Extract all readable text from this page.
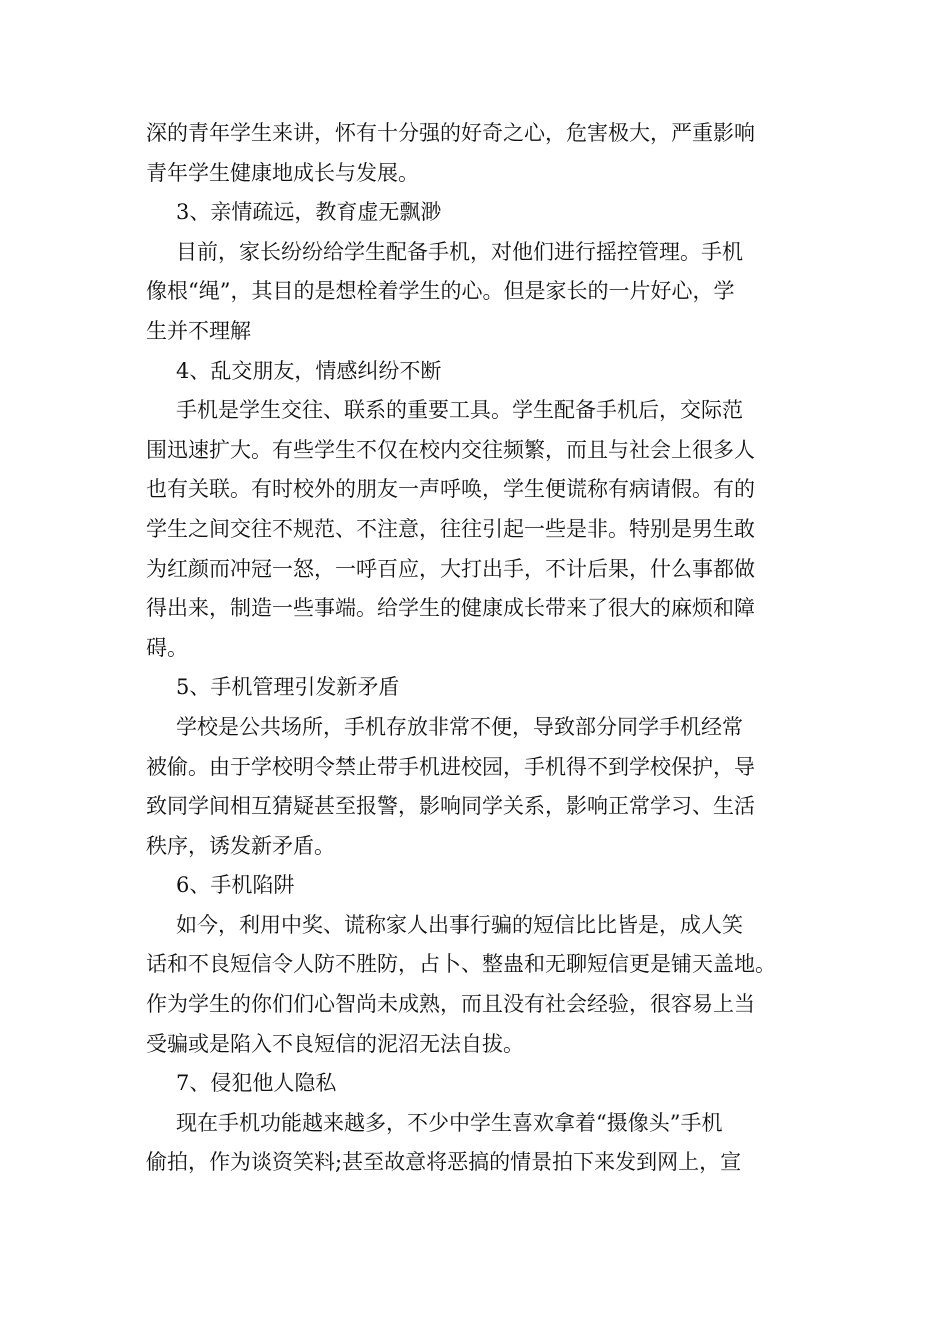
深的青年学生来讲，怀有十分强的好奇之心，危害极大，严重影响
青年学生健康地成长与发展。
3、亲情疏远，教育虚无飘渺
目前，家长纷纷给学生配备手机，对他们进行摇控管理。手机
像根“绳”，其目的是想栓着学生的心。但是家长的一片好心，学
生并不理解
4、乱交朋友，情感纠纷不断
手机是学生交往、联系的重要工具。学生配备手机后，交际范
围迅速扩大。有些学生不仅在校内交往频繁，而且与社会上很多人
也有关联。有时校外的朋友一声呼唤，学生便谎称有病请假。有的
学生之间交往不规范、不注意，往往引起一些是非。特别是男生敢
为红颜而冲冠一怒，一呼百应，大打出手，不计后果，什么事都做
得出来，制造一些事端。给学生的健康成长带来了很大的麻烦和障
碍。
5、手机管理引发新矛盾
学校是公共场所，手机存放非常不便，导致部分同学手机经常
被偷。由于学校明令禁止带手机进校园，手机得不到学校保护，导
致同学间相互猜疑甚至报警，影响同学关系，影响正常学习、生活
秩序，诱发新矛盾。
6、手机陷阱
如今，利用中奖、谎称家人出事行骗的短信比比皆是，成人笑
话和不良短信令人防不胜防，占卜、整蛊和无聊短信更是铺天盖地。
作为学生的你们们心智尚未成熟，而且没有社会经验，很容易上当
受骗或是陷入不良短信的泥沼无法自拔。
7、侵犯他人隐私
现在手机功能越来越多，不少中学生喜欢拿着“摄像头”手机
偷拍，作为谈资笑料;甚至故意将恶搞的情景拍下来发到网上，宣
